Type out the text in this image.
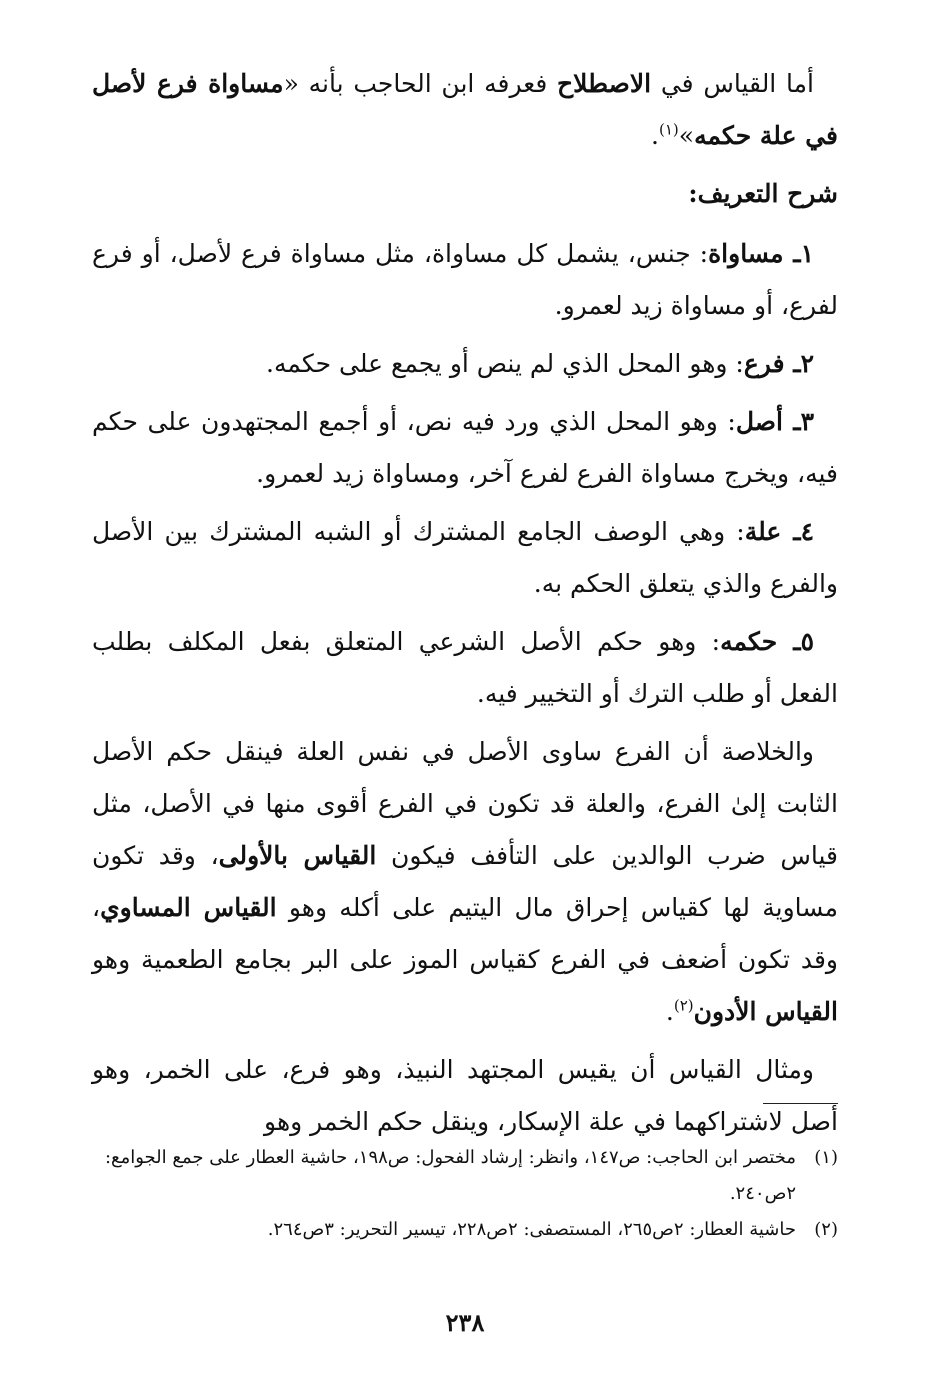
أما القياس في الاصطلاح فعرفه ابن الحاجب بأنه «مساواة فرع لأصل في علة حكمه»$^{(١)}$.

شرح التعريف:

١ـ مساواة: جنس، يشمل كل مساواة، مثل مساواة فرع لأصل، أو فرع لفرع، أو مساواة زيد لعمرو.

٢ـ فرع: وهو المحل الذي لم ينص أو يجمع على حكمه.

٣ـ أصل: وهو المحل الذي ورد فيه نص، أو أجمع المجتهدون على حكم فيه، ويخرج مساواة الفرع لفرع آخر، ومساواة زيد لعمرو.

٤ـ علة: وهي الوصف الجامع المشترك أو الشبه المشترك بين الأصل والفرع والذي يتعلق الحكم به.

٥ـ حكمه: وهو حكم الأصل الشرعي المتعلق بفعل المكلف بطلب الفعل أو طلب الترك أو التخيير فيه.

والخلاصة أن الفرع ساوى الأصل في نفس العلة فينقل حكم الأصل الثابت إلىٰ الفرع، والعلة قد تكون في الفرع أقوى منها في الأصل، مثل قياس ضرب الوالدين على التأفف فيكون القياس بالأولى، وقد تكون مساوية لها كقياس إحراق مال اليتيم على أكله وهو القياس المساوي، وقد تكون أضعف في الفرع كقياس الموز على البر بجامع الطعمية وهو القياس الأدون$^{(٢)}$.

ومثال القياس أن يقيس المجتهد النبيذ، وهو فرع، على الخمر، وهو أصل لاشتراكهما في علة الإسكار، وينقل حكم الخمر وهو

(١)
مختصر ابن الحاجب: ص١٤٧، وانظر: إرشاد الفحول: ص١٩٨، حاشية العطار على جمع الجوامع: ٢ص٢٤٠.
(٢)
حاشية العطار: ٢ص٢٦٥، المستصفى: ٢ص٢٢٨، تيسير التحرير: ٣ص٢٦٤.
٢٣٨
